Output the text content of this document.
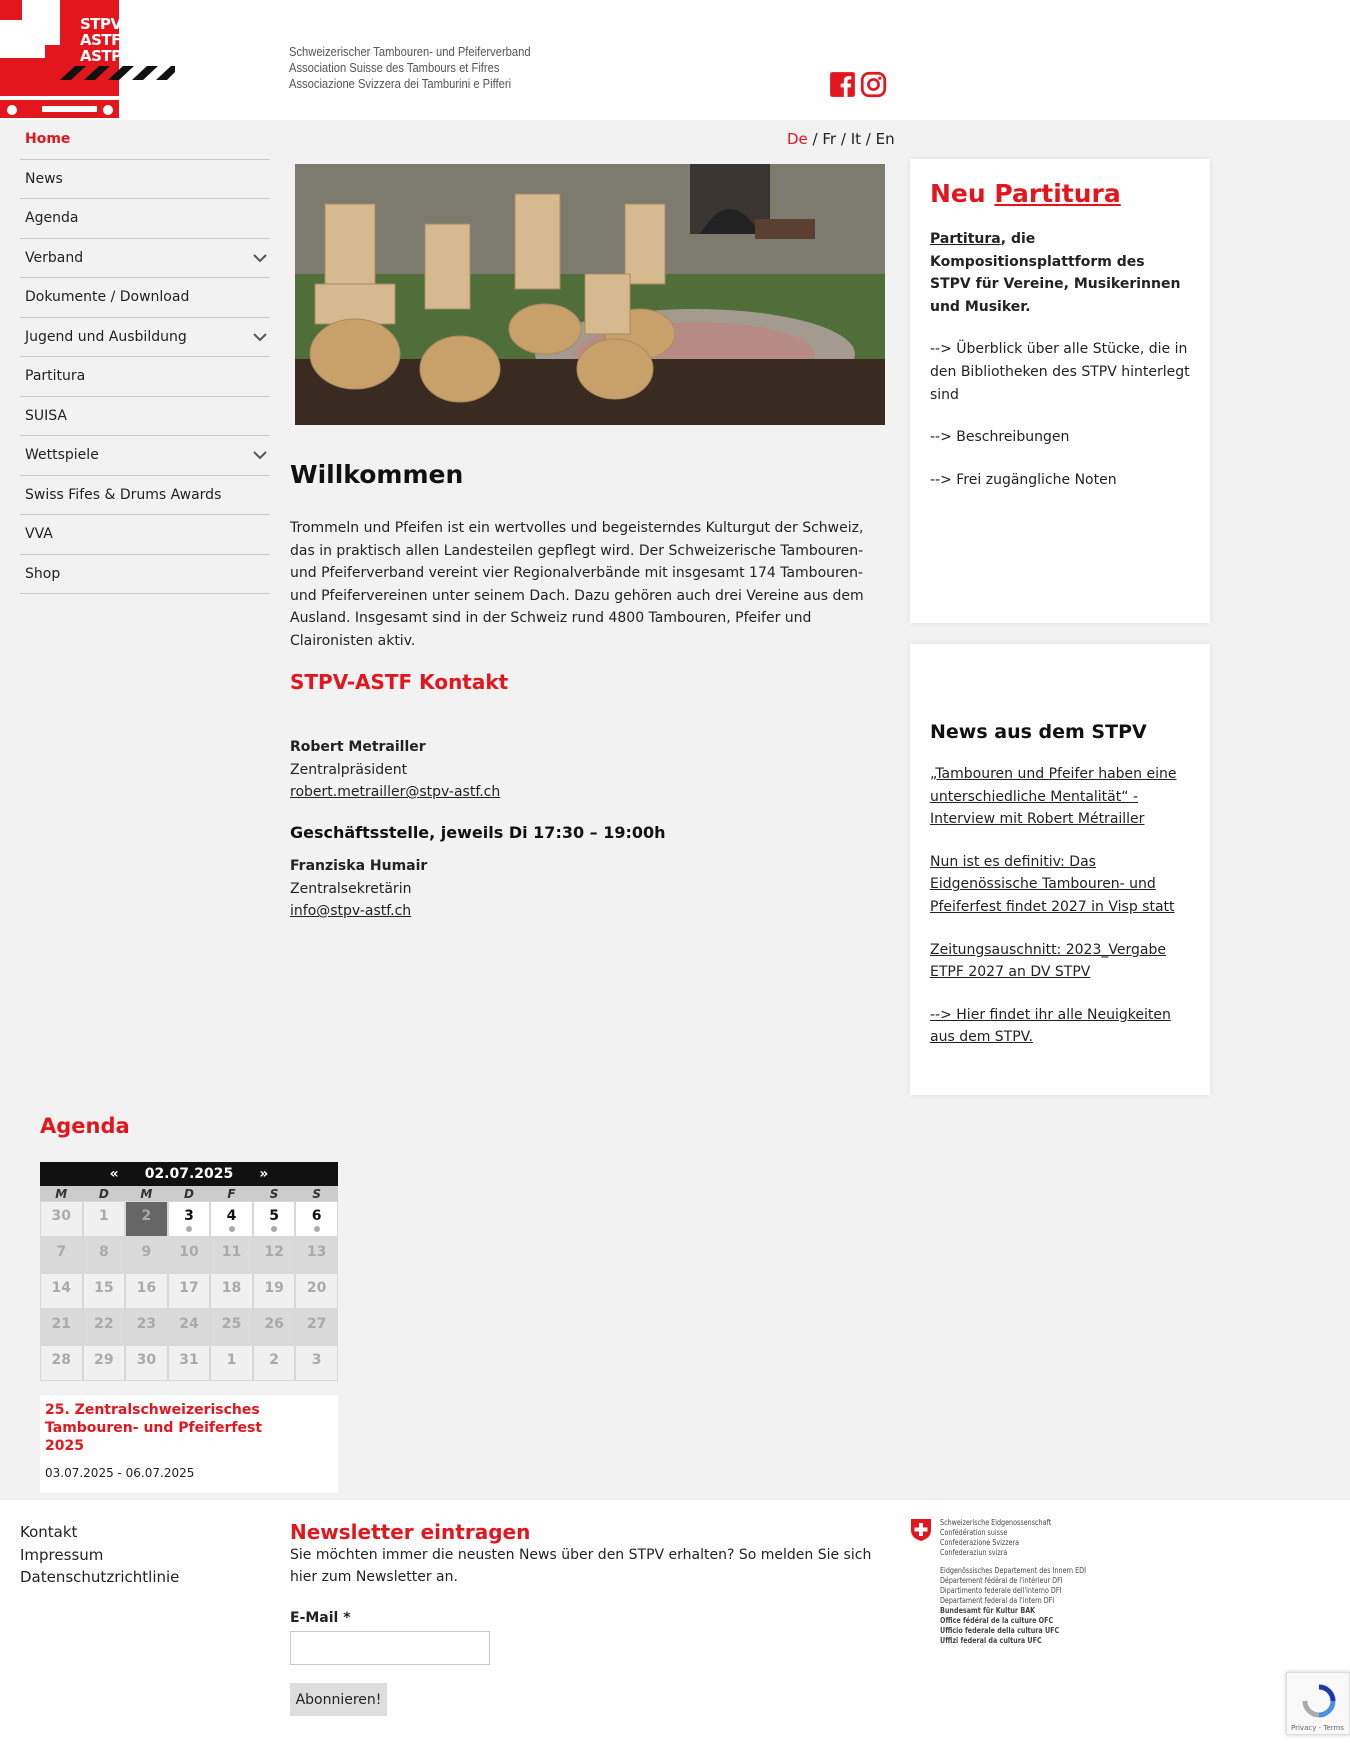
STPV
ASTF
ASTP	Schweizerischer Tambouren- und Pfeiferverband
Association Suisse des Tambours et Fifres
Associazione Svizzera dei Tamburini e Pifferi
Home
News
Agenda
Verband
Dokumente / Download
Jugend und Ausbildung
Partitura
SUISA
Wettspiele
Swiss Fifes & Drums Awards
VVA
Shop
De / Fr / It / En
Willkommen

Trommeln und Pfeifen ist ein wertvolles und begeisterndes Kulturgut der Schweiz, das in praktisch allen Landesteilen gepflegt wird. Der Schweizerische Tambouren- und Pfeiferverband vereint vier Regionalverbände mit insgesamt 174 Tambouren- und Pfeifervereinen unter seinem Dach. Dazu gehören auch drei Vereine aus dem Ausland. Insgesamt sind in der Schweiz rund 4800 Tambouren, Pfeifer und Claironisten aktiv.

STPV-ASTF Kontakt
Robert Metrailler
Zentralpräsident
robert.metrailler@stpv-astf.ch
Geschäftsstelle, jeweils Di 17:30 – 19:00h
Franziska Humair
Zentralsekretärin
info@stpv-astf.ch
Neu Partitura

Partitura, die Kompositionsplattform des STPV für Vereine, Musikerinnen und Musiker.

--> Überblick über alle Stücke, die in den Bibliotheken des STPV hinterlegt sind

--> Beschreibungen

--> Frei zugängliche Noten

News aus dem STPV
„Tambouren und Pfeifer haben eine unterschiedliche Mentalität“ - Interview mit Robert Métrailler
Nun ist es definitiv: Das Eidgenössische Tambouren- und Pfeiferfest findet 2027 in Visp statt
Zeitungsauschnitt: 2023_Vergabe ETPF 2027 an DV STPV
--> Hier findet ihr alle Neuigkeiten aus dem STPV.
Agenda
« 02.07.2025 »
M	D	M	D	F	S	S
30 1 2 3 4 5 6
7 8 9 10 11 12 13
14 15 16 17 18 19 20
21 22 23 24 25 26 27
28 29 30 31 1 2 3
25. Zentralschweizerisches Tambouren- und Pfeiferfest 2025
03.07.2025 - 06.07.2025
Kontakt
Impressum
Datenschutzrichtlinie
Newsletter eintragen
Sie möchten immer die neusten News über den STPV erhalten? So melden Sie sich hier zum Newsletter an.
E-Mail *
Abonnieren!
Schweizerische Eidgenossenschaft
Confédération suisse
Confederazione Svizzera
Confederaziun svizra
Eidgenössisches Departement des Innern EDI
Département fédéral de l'intérieur DFI
Dipartimento federale dell'interno DFI
Departament federal da l'intern DFI
Bundesamt für Kultur BAK
Office fédéral de la culture OFC
Ufficio federale della cultura UFC
Uffizi federal da cultura UFC
Privacy - Terms
